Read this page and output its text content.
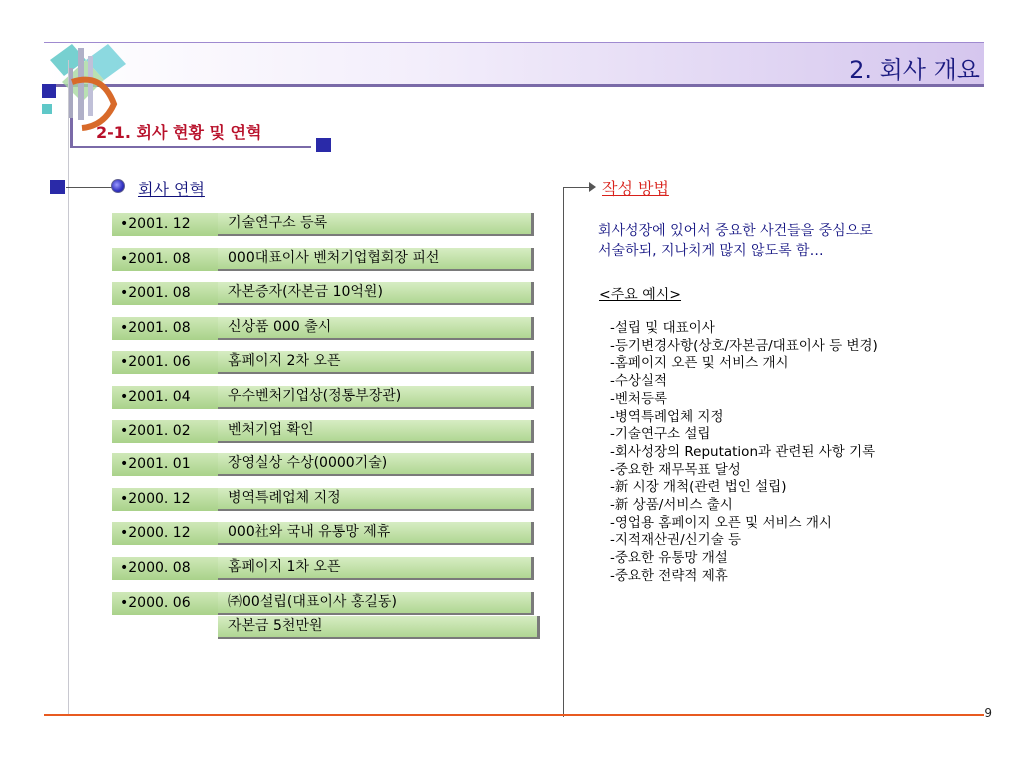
2. 회사 개요
2-1. 회사 현황 및 연혁
회사 연혁
•2001. 12	기술연구소 등록
•2001. 08	000대표이사 벤처기업협회장 피선
•2001. 08	자본증자(자본금 10억원)
•2001. 08	신상품 000 출시
•2001. 06	홈페이지 2차 오픈
•2001. 04	우수벤처기업상(정통부장관)
•2001. 02	벤처기업 확인
•2001. 01	장영실상 수상(0000기술)
•2000. 12	병역특례업체 지정
•2000. 12	000社와 국내 유통망 제휴
•2000. 08	홈페이지 1차 오픈
•2000. 06	㈜00설립(대표이사 홍길동)
자본금 5천만원
작성 방법
회사성장에 있어서 중요한 사건들을 중심으로
서술하되, 지나치게 많지 않도록 함…
<주요 예시>
-설립 및 대표이사
-등기변경사항(상호/자본금/대표이사 등 변경)
-홈페이지 오픈 및 서비스 개시
-수상실적
-벤처등록
-병역특례업체 지정
-기술연구소 설립
-회사성장의 Reputation과 관련된 사항 기록
-중요한 재무목표 달성
-新 시장 개척(관련 법인 설립)
-新 상품/서비스 출시
-영업용 홈페이지 오픈 및 서비스 개시
-지적재산권/신기술 등
-중요한 유통망 개설
-중요한 전략적 제휴
9
